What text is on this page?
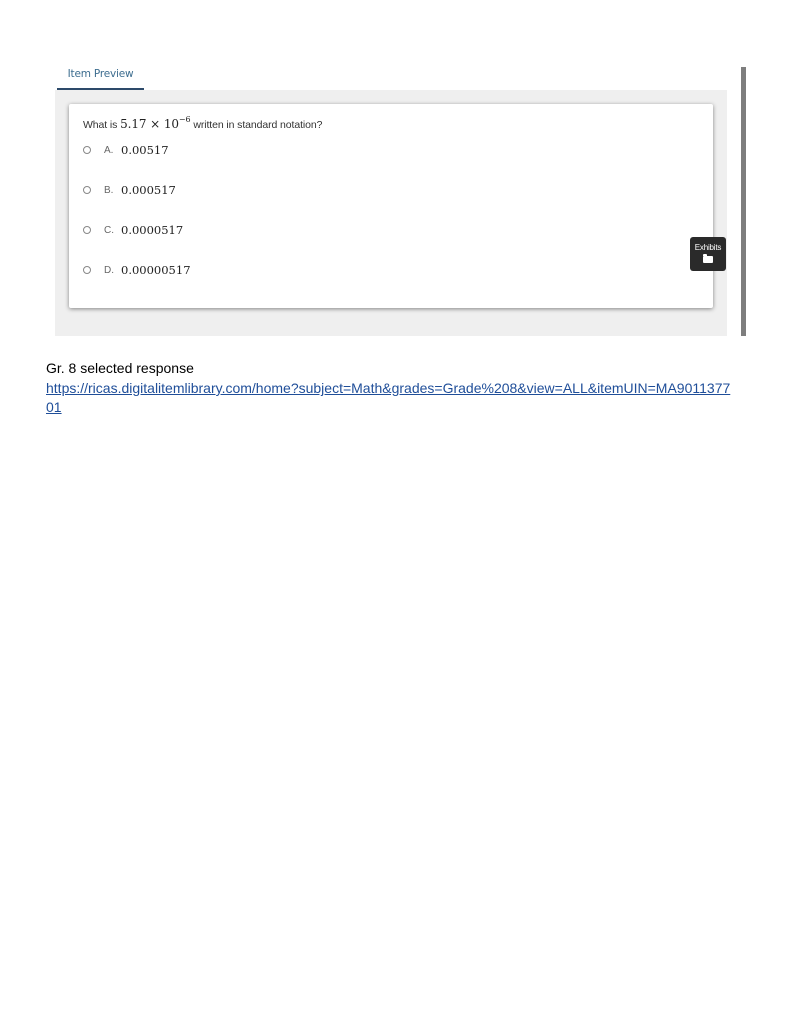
Item Preview
What is $5.17 \times 10^{-6}$ written in standard notation?
A. 0.00517
B. 0.000517
C. 0.0000517
D. 0.00000517
Exhibits
Gr. 8 selected response
https://ricas.digitalitemlibrary.com/home?subject=Math&grades=Grade%208&view=ALL&itemUIN=MA9011377
01
